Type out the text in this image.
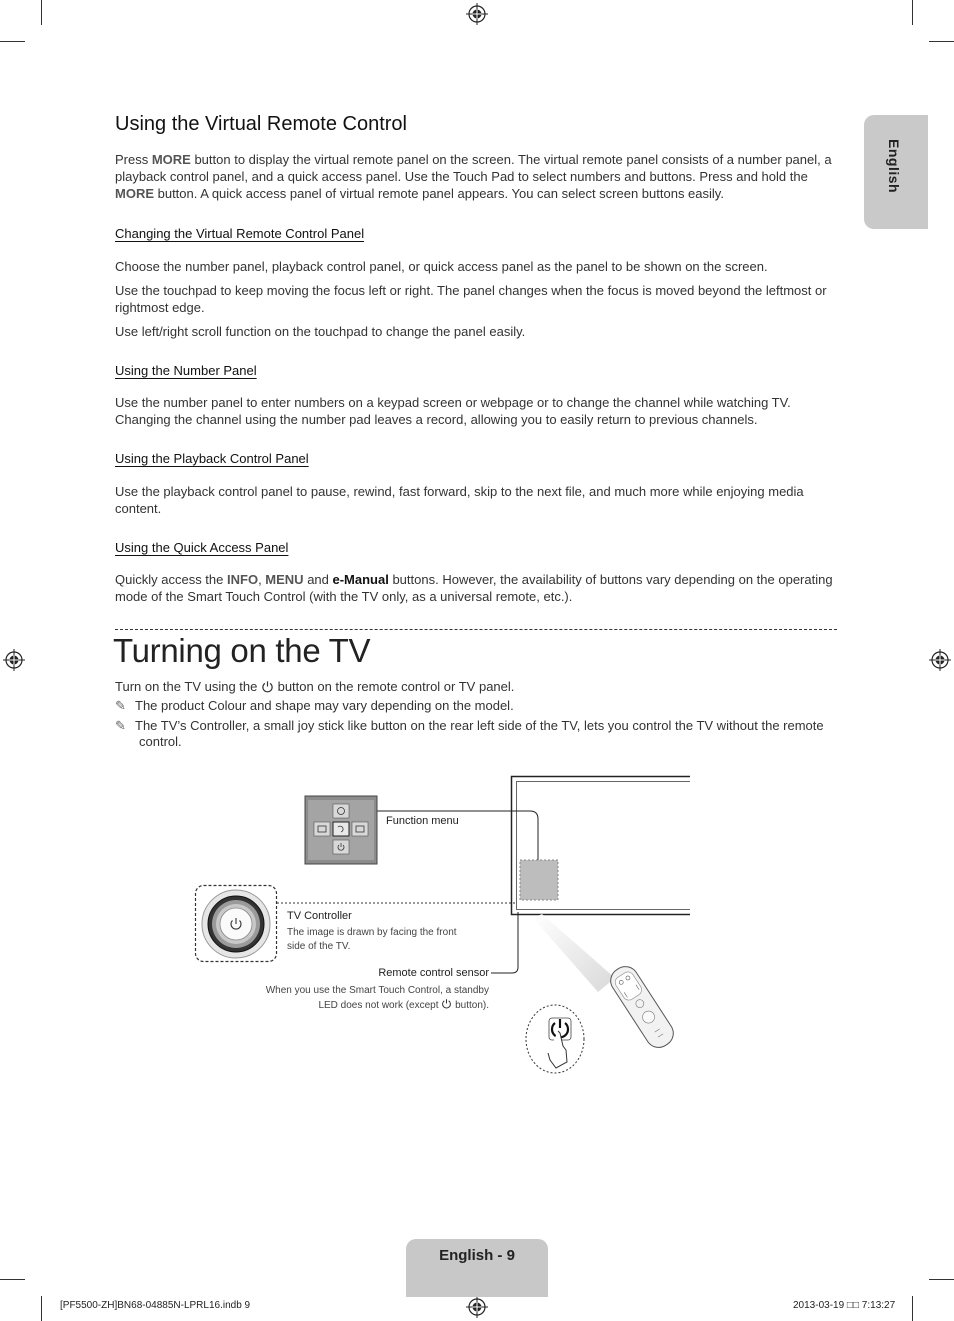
English
Using the Virtual Remote Control

Press MORE button to display the virtual remote panel on the screen. The virtual remote panel consists of a number panel, a playback control panel, and a quick access panel. Use the Touch Pad to select numbers and buttons. Press and hold the MORE button. A quick access panel of virtual remote panel appears. You can select screen buttons easily.

Changing the Virtual Remote Control Panel

Choose the number panel, playback control panel, or quick access panel as the panel to be shown on the screen.

Use the touchpad to keep moving the focus left or right. The panel changes when the focus is moved beyond the leftmost or rightmost edge.

Use left/right scroll function on the touchpad to change the panel easily.

Using the Number Panel

Use the number panel to enter numbers on a keypad screen or webpage or to change the channel while watching TV. Changing the channel using the number pad leaves a record, allowing you to easily return to previous channels.

Using the Playback Control Panel

Use the playback control panel to pause, rewind, fast forward, skip to the next file, and much more while enjoying media content.

Using the Quick Access Panel

Quickly access the INFO, MENU and e-Manual buttons. However, the availability of buttons vary depending on the operating mode of the Smart Touch Control (with the TV only, as a universal remote, etc.).

Turning on the TV
Turn on the TV using the  button on the remote control or TV panel.
✎ The product Colour and shape may vary depending on the model.
✎ The TV’s Controller, a small joy stick like button on the rear left side of the TV, lets you control the TV without the remote control.
Function menu
TV Controller
The image is drawn by facing the front side of the TV.
Remote control sensor
When you use the Smart Touch Control, a standby LED does not work (except  button).
English - 9
[PF5500-ZH]BN68-04885N-LPRL16.indb 9	2013-03-19 □□ 7:13:27
